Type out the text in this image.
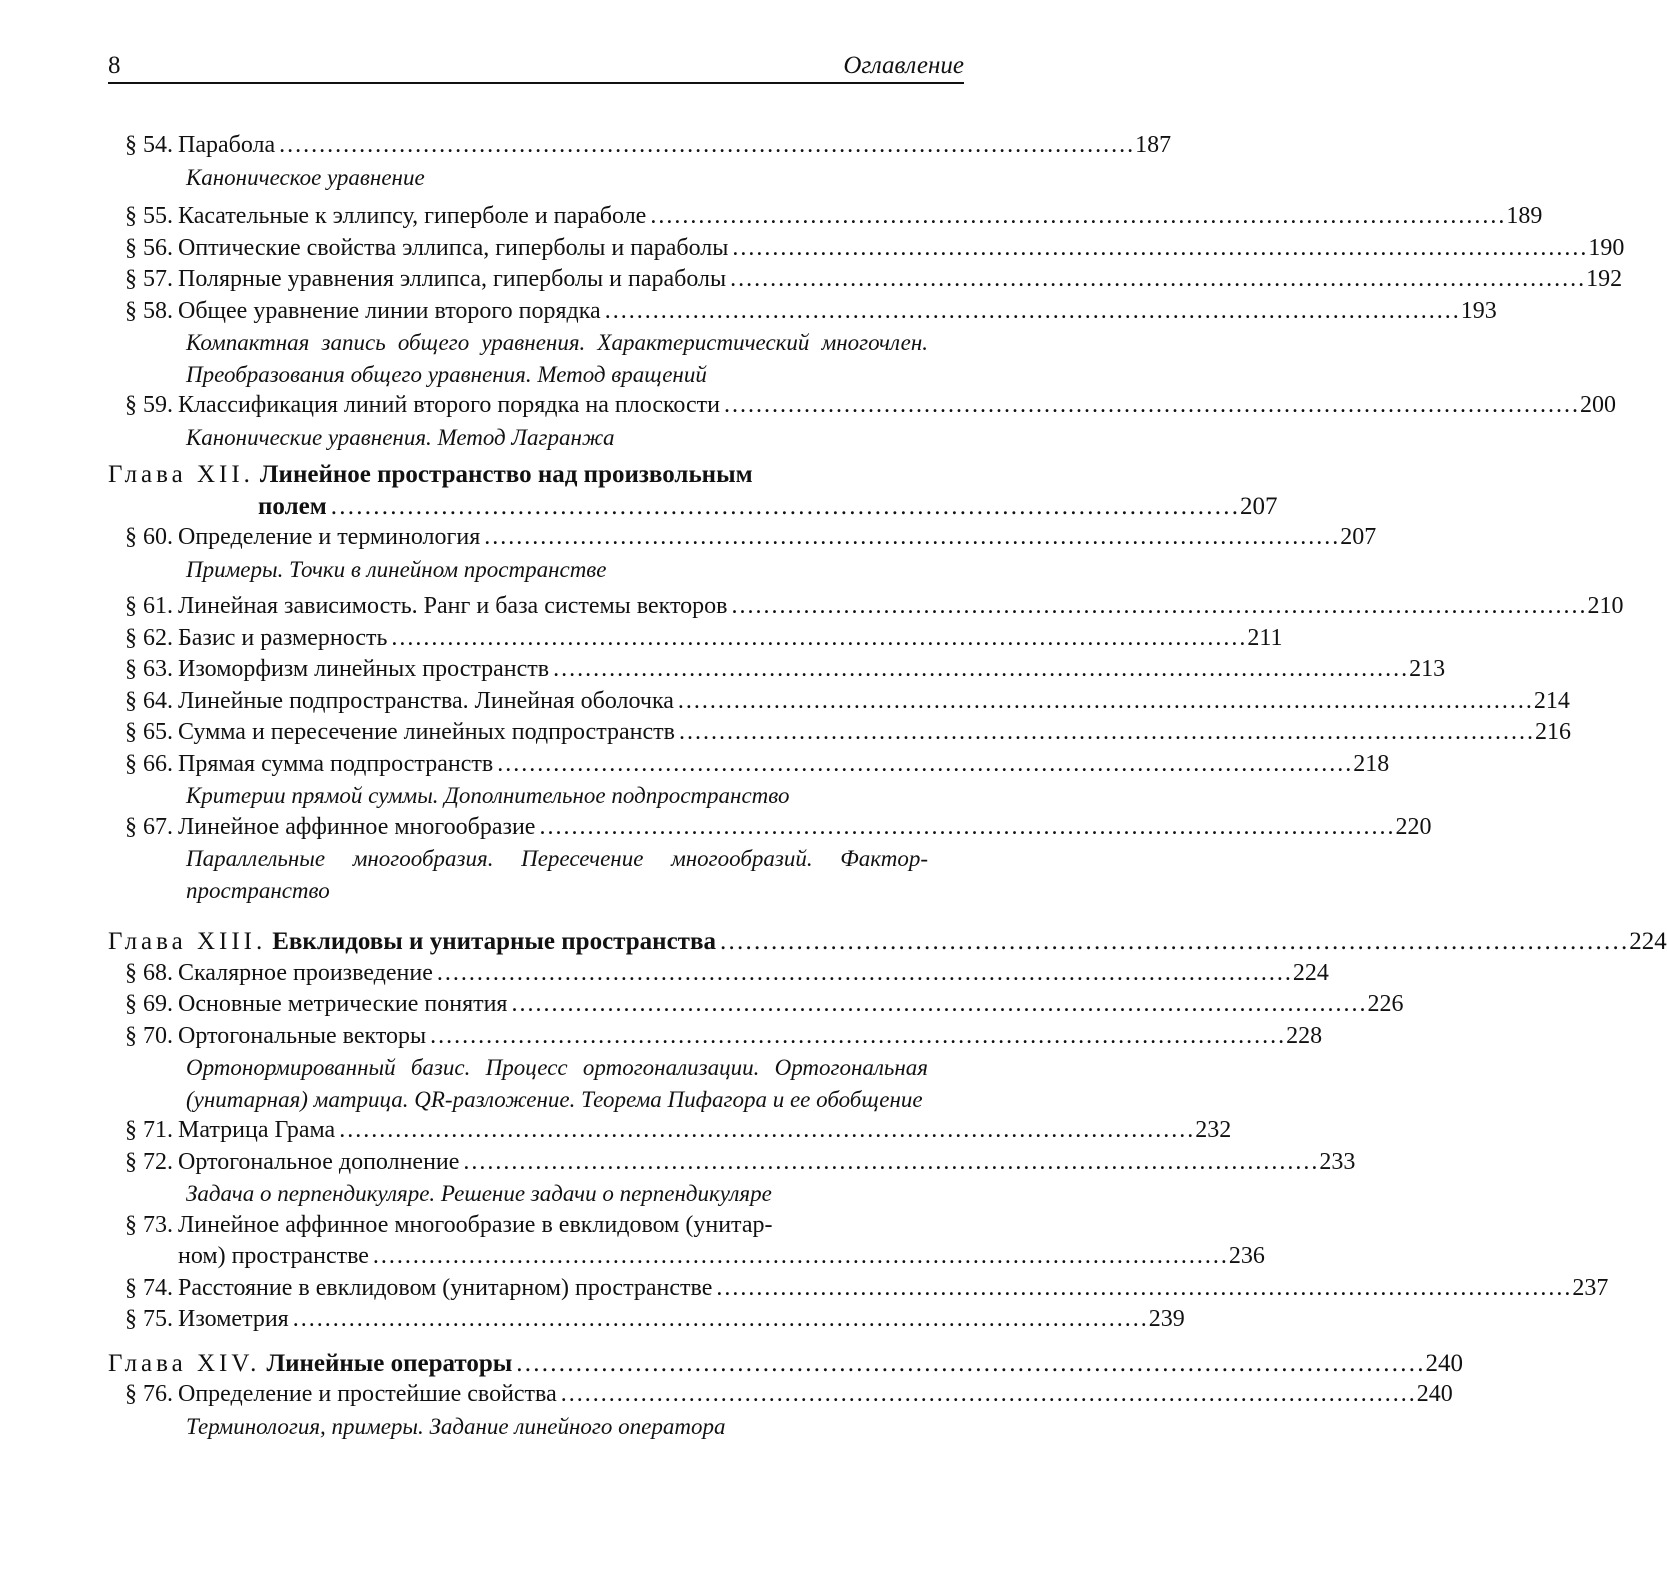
8	Оглавление
§ 54. Парабола . . .	187
Каноническое уравнение
§ 55. Касательные к эллипсу, гиперболе и параболе . . .	189
§ 56. Оптические свойства эллипса, гиперболы и параболы . . .	190
§ 57. Полярные уравнения эллипса, гиперболы и параболы . . .	192
§ 58. Общее уравнение линии второго порядка . . .	193
Компактная запись общего уравнения. Характеристический многочлен. Преобразования общего уравнения. Метод вращений
§ 59. Классификация линий второго порядка на плоскости . . .	200
Канонические уравнения. Метод Лагранжа
Глава XII. Линейное пространство над произвольным
полем . . .	207
§ 60. Определение и терминология . . .	207
Примеры. Точки в линейном пространстве
§ 61. Линейная зависимость. Ранг и база системы векторов . . .	210
§ 62. Базис и размерность . . .	211
§ 63. Изоморфизм линейных пространств . . .	213
§ 64. Линейные подпространства. Линейная оболочка . . .	214
§ 65. Сумма и пересечение линейных подпространств . . .	216
§ 66. Прямая сумма подпространств . . .	218
Критерии прямой суммы. Дополнительное подпространство
§ 67. Линейное аффинное многообразие . . .	220
Параллельные многообразия. Пересечение многообразий. Фактор-пространство
Глава XIII. Евклидовы и унитарные пространства . . .	224
§ 68. Скалярное произведение . . .	224
§ 69. Основные метрические понятия . . .	226
§ 70. Ортогональные векторы . . .	228
Ортонормированный базис. Процесс ортогонализации. Ортогональная (унитарная) матрица. QR-разложение. Теорема Пифагора и ее обобщение
§ 71. Матрица Грама . . .	232
§ 72. Ортогональное дополнение . . .	233
Задача о перпендикуляре. Решение задачи о перпендикуляре
§ 73. Линейное аффинное многообразие в евклидовом (унитар-
ном) пространстве . . .	236
§ 74. Расстояние в евклидовом (унитарном) пространстве . . .	237
§ 75. Изометрия . . .	239
Глава XIV. Линейные операторы . . .	240
§ 76. Определение и простейшие свойства . . .	240
Терминология, примеры. Задание линейного оператора
